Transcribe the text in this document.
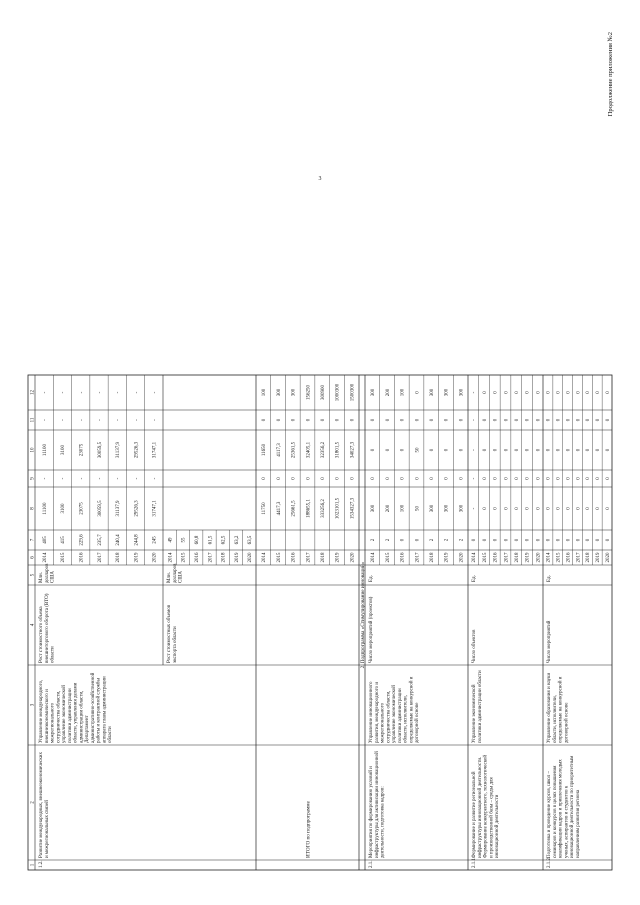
3
Продолжение приложения №2
1
2
3
4
5
6
7
8
9
10
11
12
1.2.
Развитие международных, внешнеэкономическихи межрегиональных связей
Управление международного,внешнеэкономического имежрегиональногосотрудничества области,управление экономическойполитики администрацииобласти, управления деламиадминистрации области,Департаментадминистративно-хозяйственнойработы и контрактной службыаппарата главы администрацииобласти
Рост стоимостного объемавнешнеторгового оборота (ВТО)области
Млн.долларовСША
Рост стоимостных объемовэкспорта области
Млн.долларовСША
2014
405
11100
-
11100
-
-
2015
415
3100
-
3100
-
-
2016
229,6
23075
-
23075
-
-
2017
235,7
30059,5
-
30059,5
-
-
2018
240,4
31137,9
-
31137,9
-
-
2019
244,8
29526,3
-
29526,3
-
-
2020
245
31747,1
-
31747,1
-
-
2014
49
2015
55
2016
60,8
2017
61,5
2018
62,5
2019
63,2
2020
63,5
ИТОГО по подпрограмме
2014
11750
0
11650
0
100
2015
4417,3
0
4117,3
0
300
2016
25661,5
0
25361,5
0
300
2017
188655,1
0
32405,1
0
156250
2018
333256,2
0
32356,2
0
300900
2019
1023101,5
0
31801,5
0
1000300
2020
1534327,3
0
34027,3
0
1500300
2. Подпрограмма «Стимулирование инноваций»
2.1.
Мероприятия по формированию условий иинфраструктуры для активизации инновационнойдеятельности, подготовка кадров:
Управление инновационногоразвития, международного имежрегиональногосотрудничества области,управление экономическойполитики администрацииобласти, исполнители,определяемые на конкурсной идоговорной основе
Число мероприятий (проектов)
Ед.
2014
2
300
0
0
0
300
2015
2
200
0
0
0
200
2016
0
100
0
0
0
100
2017
0
50
0
50
0
0
2018
2
300
0
0
0
300
2019
2
300
0
0
0
300
2020
2
300
0
0
0
300
2.1.1.
Формирование и развитие региональнойинфраструктуры инновационной деятельности.Формирование конкурентного, технологическойи производственной базы – среды дляинновационной деятельности
Управление экономическойполитики администрации области
Число объектов
Ед.
2014
0
-
-
-
-
-
2015
0
0
0
0
0
0
2016
0
0
0
0
0
0
2017
0
0
0
0
0
0
2018
0
0
0
0
0
0
2019
0
0
0
0
0
0
2020
0
0
0
0
0
0
2.1.2.
Подготовка и проведение курсов, школ –семинаров и конкурсов в целях повышенияквалификации кадров и привлечения молодыхученых, аспирантов и студентов кинновационной деятельности по приоритетнымнаправлениям развития региона
Управление образования и наукиобласти, исполнители,определяемые на конкурсной идоговорной основе
Число мероприятий
Ед.
2014
0
0
0
0
0
0
2015
0
0
0
0
0
0
2016
0
0
0
0
0
0
2017
0
0
0
0
0
0
2018
0
0
0
0
0
0
2019
0
0
0
0
0
0
2020
0
0
0
0
0
0
